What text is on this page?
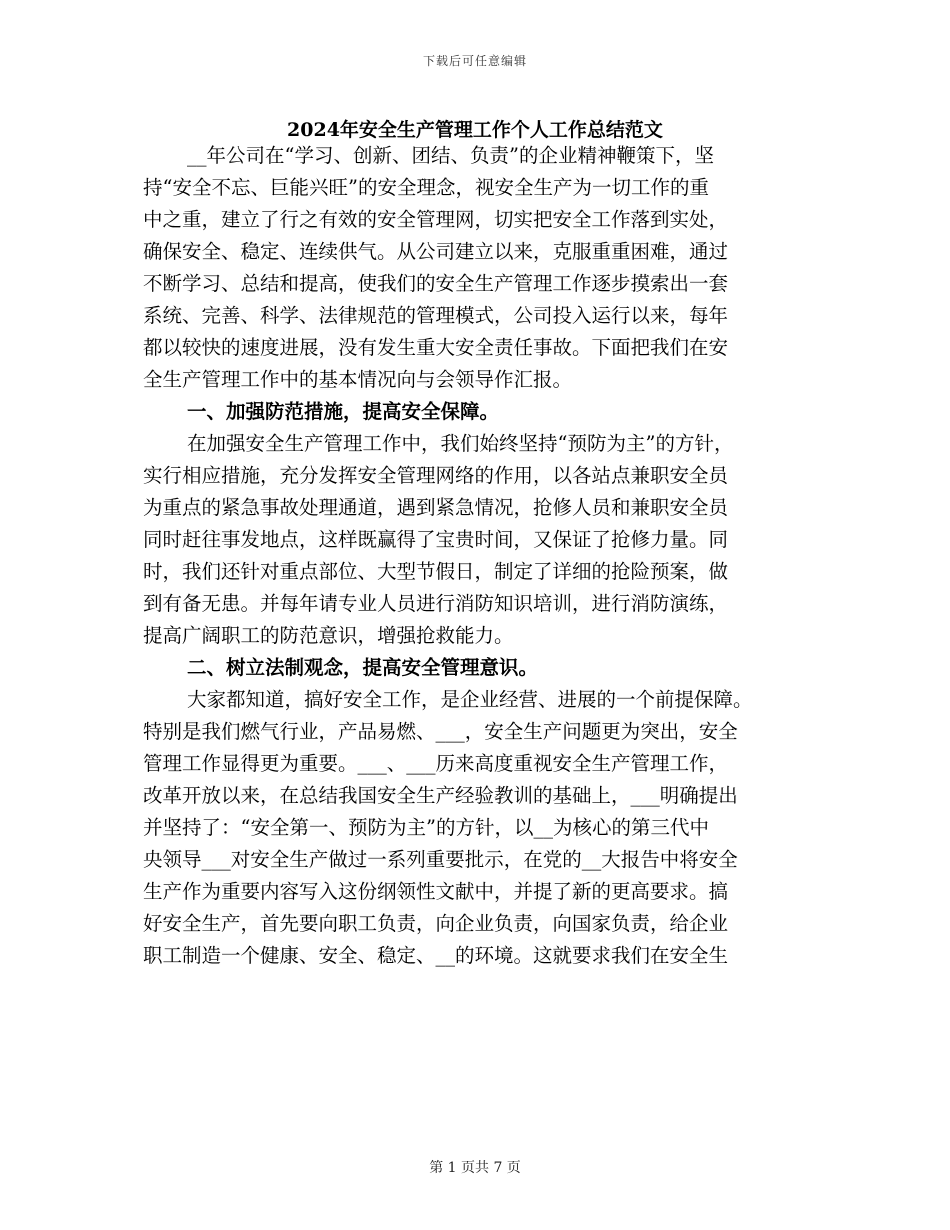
下载后可任意编辑
2024年安全生产管理工作个人工作总结范文

__年公司在“学习、创新、团结、负责”的企业精神鞭策下，坚

持“安全不忘、巨能兴旺”的安全理念，视安全生产为一切工作的重

中之重，建立了行之有效的安全管理网，切实把安全工作落到实处，

确保安全、稳定、连续供气。从公司建立以来，克服重重困难，通过

不断学习、总结和提高，使我们的安全生产管理工作逐步摸索出一套

系统、完善、科学、法律规范的管理模式，公司投入运行以来，每年

都以较快的速度进展，没有发生重大安全责任事故。下面把我们在安

全生产管理工作中的基本情况向与会领导作汇报。

一、加强防范措施，提高安全保障。

在加强安全生产管理工作中，我们始终坚持“预防为主”的方针，

实行相应措施，充分发挥安全管理网络的作用，以各站点兼职安全员

为重点的紧急事故处理通道，遇到紧急情况，抢修人员和兼职安全员

同时赶往事发地点，这样既赢得了宝贵时间，又保证了抢修力量。同

时，我们还针对重点部位、大型节假日，制定了详细的抢险预案，做

到有备无患。并每年请专业人员进行消防知识培训，进行消防演练，

提高广阔职工的防范意识，增强抢救能力。

二、树立法制观念，提高安全管理意识。

大家都知道，搞好安全工作，是企业经营、进展的一个前提保障。

特别是我们燃气行业，产品易燃、___，安全生产问题更为突出，安全

管理工作显得更为重要。___、___历来高度重视安全生产管理工作，

改革开放以来，在总结我国安全生产经验教训的基础上，___明确提出

并坚持了：“安全第一、预防为主”的方针，以__为核心的第三代中

央领导___对安全生产做过一系列重要批示，在党的__大报告中将安全

生产作为重要内容写入这份纲领性文献中，并提了新的更高要求。搞

好安全生产，首先要向职工负责，向企业负责，向国家负责，给企业

职工制造一个健康、安全、稳定、__的环境。这就要求我们在安全生

第 1 页共 7 页
